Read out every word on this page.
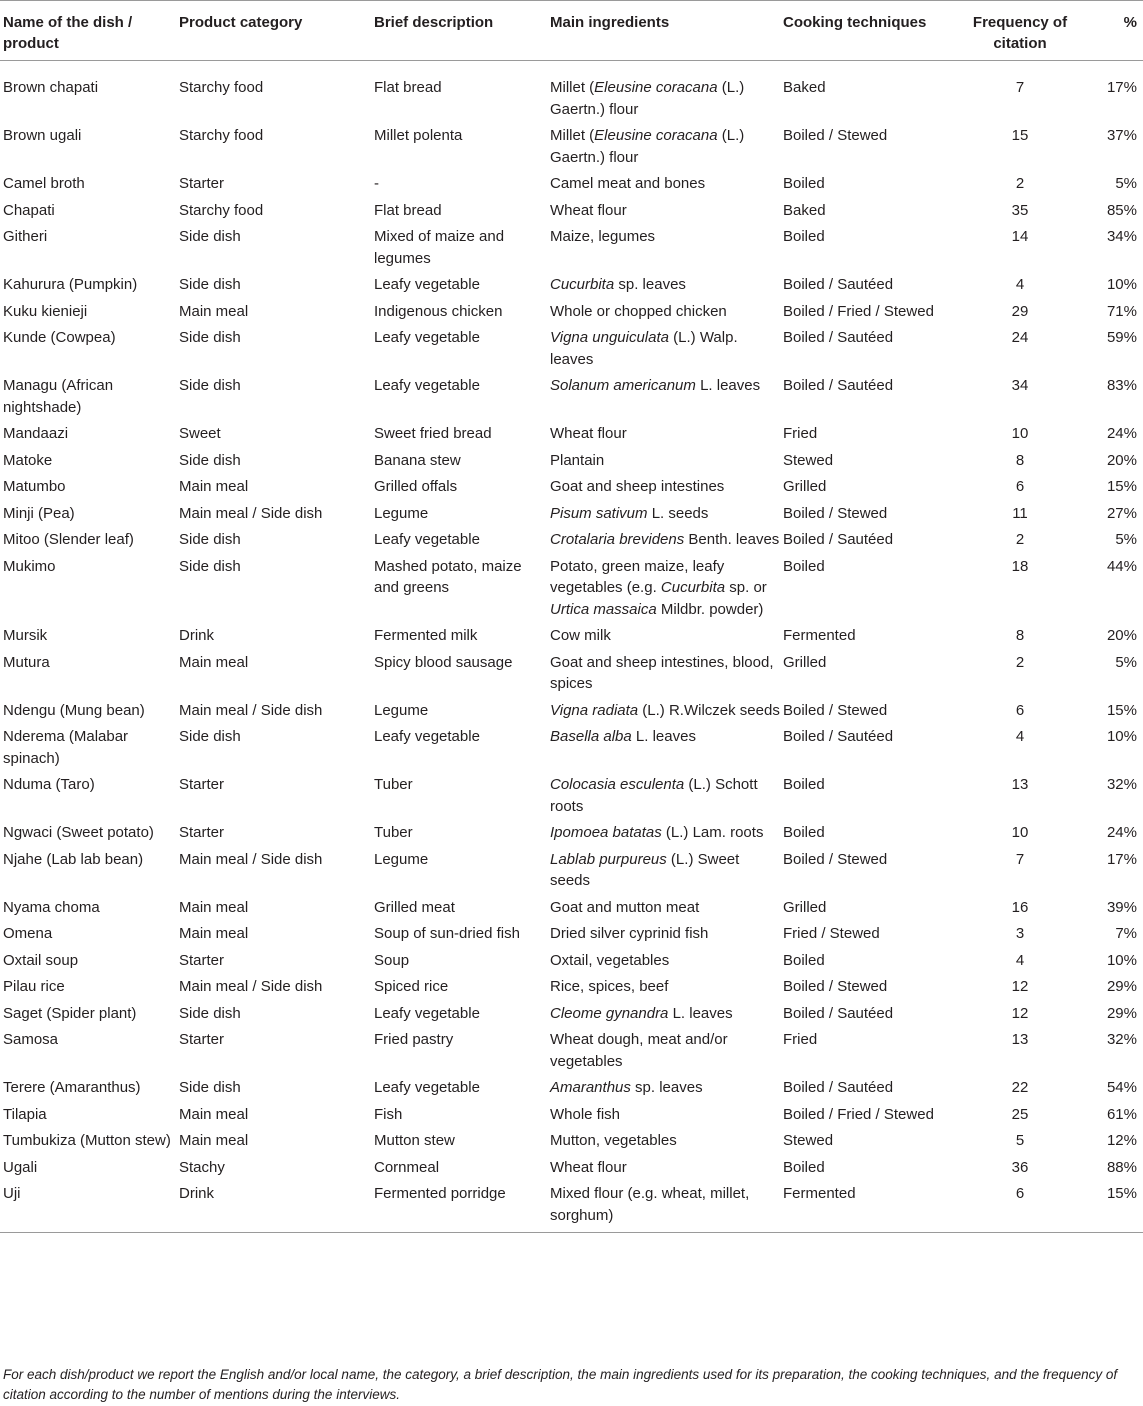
Name of the dish / product	Product category	Brief description	Main ingredients	Cooking techniques	Frequency of citation	%
Brown chapati	Starchy food	Flat bread	Millet (Eleusine coracana (L.) Gaertn.) flour	Baked	7	17%
Brown ugali	Starchy food	Millet polenta	Millet (Eleusine coracana (L.) Gaertn.) flour	Boiled / Stewed	15	37%
Camel broth	Starter	-	Camel meat and bones	Boiled	2	5%
Chapati	Starchy food	Flat bread	Wheat flour	Baked	35	85%
Githeri	Side dish	Mixed of maize and legumes	Maize, legumes	Boiled	14	34%
Kahurura (Pumpkin)	Side dish	Leafy vegetable	Cucurbita sp. leaves	Boiled / Sautéed	4	10%
Kuku kienieji	Main meal	Indigenous chicken	Whole or chopped chicken	Boiled / Fried / Stewed	29	71%
Kunde (Cowpea)	Side dish	Leafy vegetable	Vigna unguiculata (L.) Walp. leaves	Boiled / Sautéed	24	59%
Managu (African nightshade)	Side dish	Leafy vegetable	Solanum americanum L. leaves	Boiled / Sautéed	34	83%
Mandaazi	Sweet	Sweet fried bread	Wheat flour	Fried	10	24%
Matoke	Side dish	Banana stew	Plantain	Stewed	8	20%
Matumbo	Main meal	Grilled offals	Goat and sheep intestines	Grilled	6	15%
Minji (Pea)	Main meal / Side dish	Legume	Pisum sativum L. seeds	Boiled / Stewed	11	27%
Mitoo (Slender leaf)	Side dish	Leafy vegetable	Crotalaria brevidens Benth. leaves	Boiled / Sautéed	2	5%
Mukimo	Side dish	Mashed potato, maize and greens	Potato, green maize, leafy vegetables (e.g. Cucurbita sp. or Urtica massaica Mildbr. powder)	Boiled	18	44%
Mursik	Drink	Fermented milk	Cow milk	Fermented	8	20%
Mutura	Main meal	Spicy blood sausage	Goat and sheep intestines, blood, spices	Grilled	2	5%
Ndengu (Mung bean)	Main meal / Side dish	Legume	Vigna radiata (L.) R.Wilczek seeds	Boiled / Stewed	6	15%
Nderema (Malabar spinach)	Side dish	Leafy vegetable	Basella alba L. leaves	Boiled / Sautéed	4	10%
Nduma (Taro)	Starter	Tuber	Colocasia esculenta (L.) Schott roots	Boiled	13	32%
Ngwaci (Sweet potato)	Starter	Tuber	Ipomoea batatas (L.) Lam. roots	Boiled	10	24%
Njahe (Lab lab bean)	Main meal / Side dish	Legume	Lablab purpureus (L.) Sweet seeds	Boiled / Stewed	7	17%
Nyama choma	Main meal	Grilled meat	Goat and mutton meat	Grilled	16	39%
Omena	Main meal	Soup of sun-dried fish	Dried silver cyprinid fish	Fried / Stewed	3	7%
Oxtail soup	Starter	Soup	Oxtail, vegetables	Boiled	4	10%
Pilau rice	Main meal / Side dish	Spiced rice	Rice, spices, beef	Boiled / Stewed	12	29%
Saget (Spider plant)	Side dish	Leafy vegetable	Cleome gynandra L. leaves	Boiled / Sautéed	12	29%
Samosa	Starter	Fried pastry	Wheat dough, meat and/or vegetables	Fried	13	32%
Terere (Amaranthus)	Side dish	Leafy vegetable	Amaranthus sp. leaves	Boiled / Sautéed	22	54%
Tilapia	Main meal	Fish	Whole fish	Boiled / Fried / Stewed	25	61%
Tumbukiza (Mutton stew)	Main meal	Mutton stew	Mutton, vegetables	Stewed	5	12%
Ugali	Stachy	Cornmeal	Wheat flour	Boiled	36	88%
Uji	Drink	Fermented porridge	Mixed flour (e.g. wheat, millet, sorghum)	Fermented	6	15%
For each dish/product we report the English and/or local name, the category, a brief description, the main ingredients used for its preparation, the cooking techniques, and the frequency of citation according to the number of mentions during the interviews.
